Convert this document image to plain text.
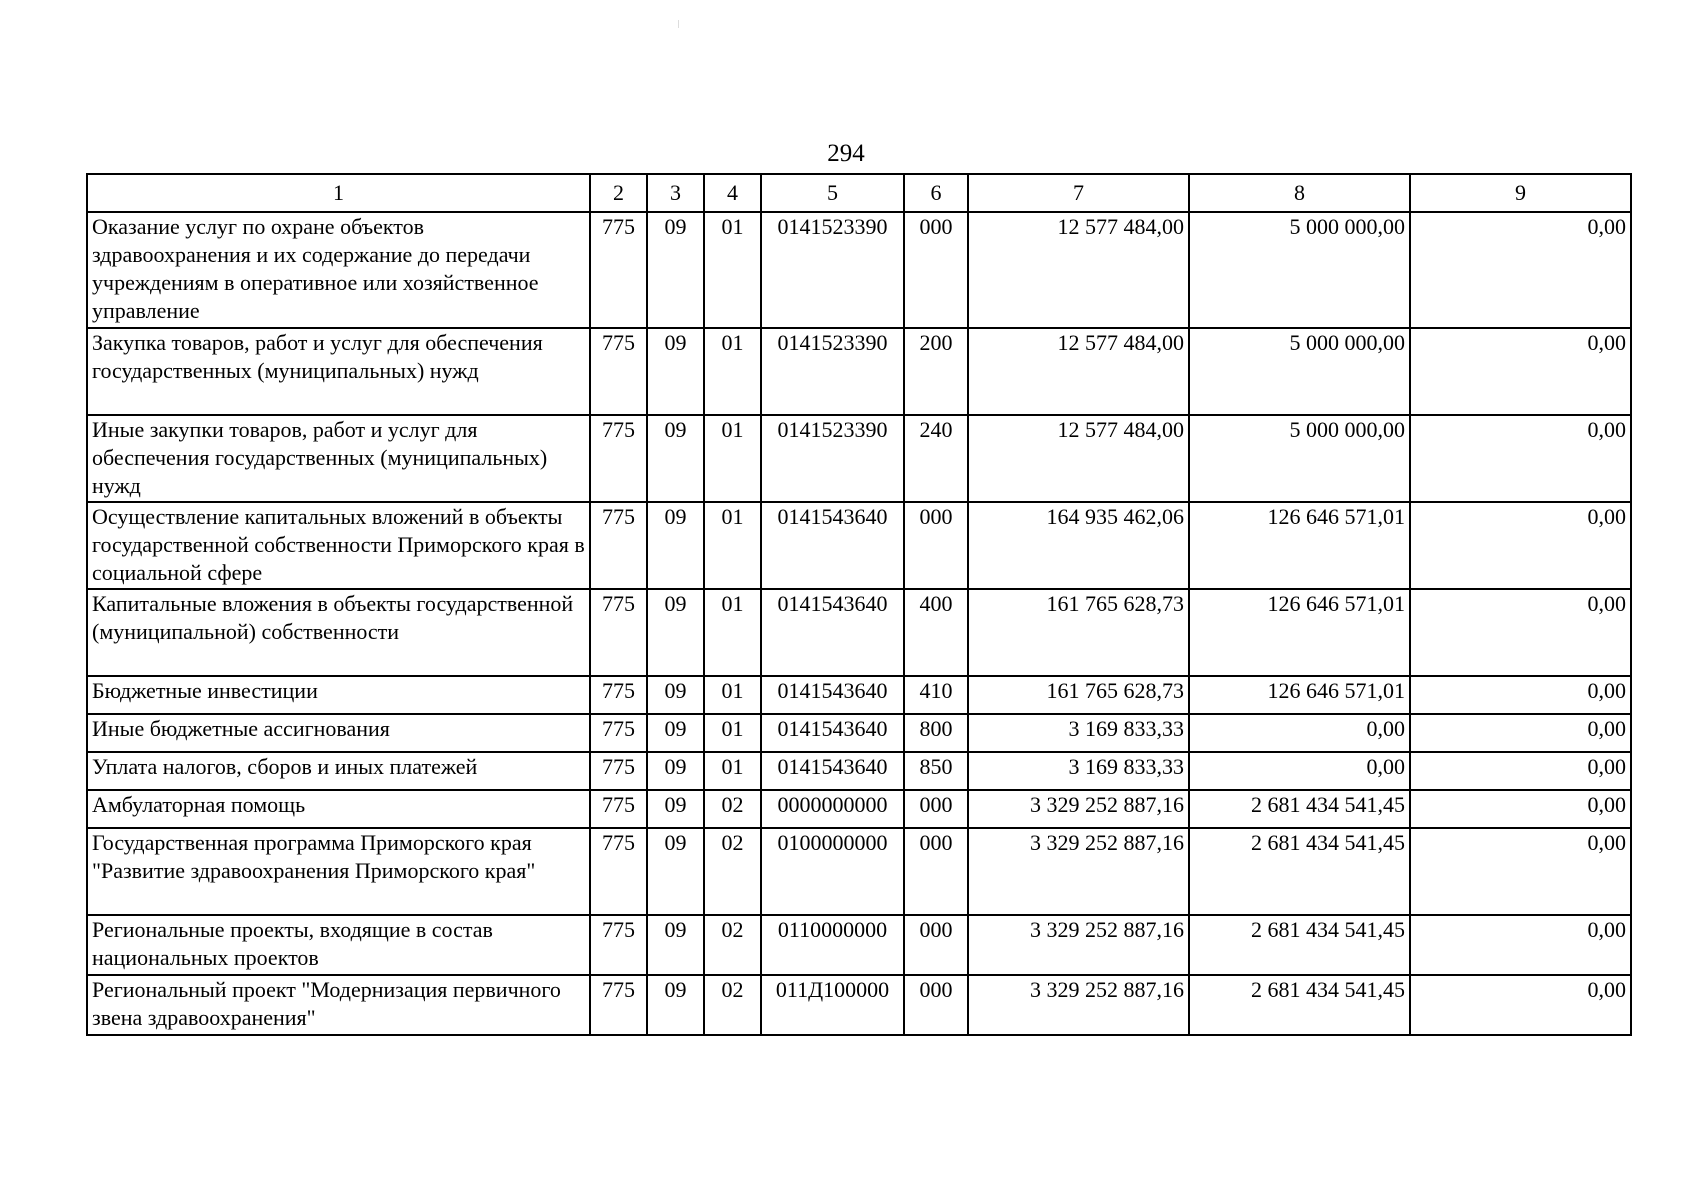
294
1	2	3	4	5	6	7	8	9
Оказание услуг по охране объектов здравоохранения и их содержание до передачи учреждениям в оперативное или хозяйственное управление	775	09	01	0141523390	000	12 577 484,00	5 000 000,00	0,00
Закупка товаров, работ и услуг для обеспечения государственных (муниципальных) нужд	775	09	01	0141523390	200	12 577 484,00	5 000 000,00	0,00
Иные закупки товаров, работ и услуг для обеспечения государственных (муниципальных) нужд	775	09	01	0141523390	240	12 577 484,00	5 000 000,00	0,00
Осуществление капитальных вложений в объекты государственной собственности Приморского края в социальной сфере	775	09	01	0141543640	000	164 935 462,06	126 646 571,01	0,00
Капитальные вложения в объекты государственной (муниципальной) собственности	775	09	01	0141543640	400	161 765 628,73	126 646 571,01	0,00
Бюджетные инвестиции	775	09	01	0141543640	410	161 765 628,73	126 646 571,01	0,00
Иные бюджетные ассигнования	775	09	01	0141543640	800	3 169 833,33	0,00	0,00
Уплата налогов, сборов и иных платежей	775	09	01	0141543640	850	3 169 833,33	0,00	0,00
Амбулаторная помощь	775	09	02	0000000000	000	3 329 252 887,16	2 681 434 541,45	0,00
Государственная программа Приморского края "Развитие здравоохранения Приморского края"	775	09	02	0100000000	000	3 329 252 887,16	2 681 434 541,45	0,00
Региональные проекты, входящие в состав национальных проектов	775	09	02	0110000000	000	3 329 252 887,16	2 681 434 541,45	0,00
Региональный проект "Модернизация первичного звена здравоохранения"	775	09	02	011Д100000	000	3 329 252 887,16	2 681 434 541,45	0,00
